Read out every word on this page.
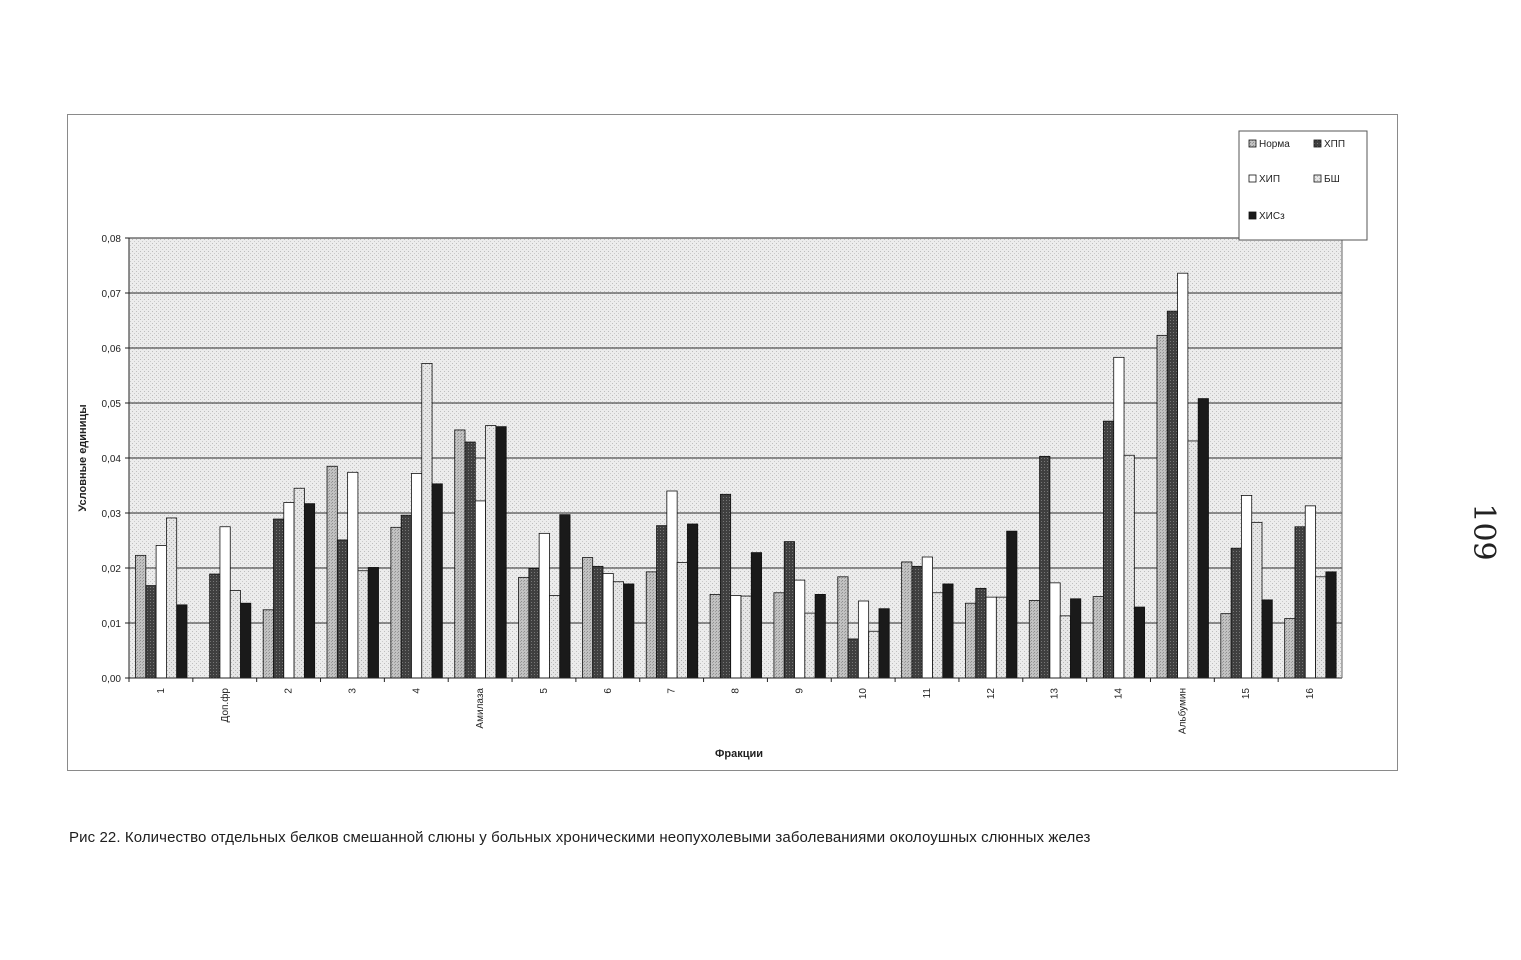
0,00
0,01
0,02
0,03
0,04
0,05
0,06
0,07
0,08
1	Доп.фр	2	3	4	Амилаза	5	6	7	8	9	10	11	12	13	14	Альбумин	15	16
Условные единицы
Фракции
Норма	ХПП
ХИП	БШ
ХИСз
Рис 22. Количество отдельных белков смешанной слюны у больных хроническими неопухолевыми заболеваниями околоушных слюнных желез
109
